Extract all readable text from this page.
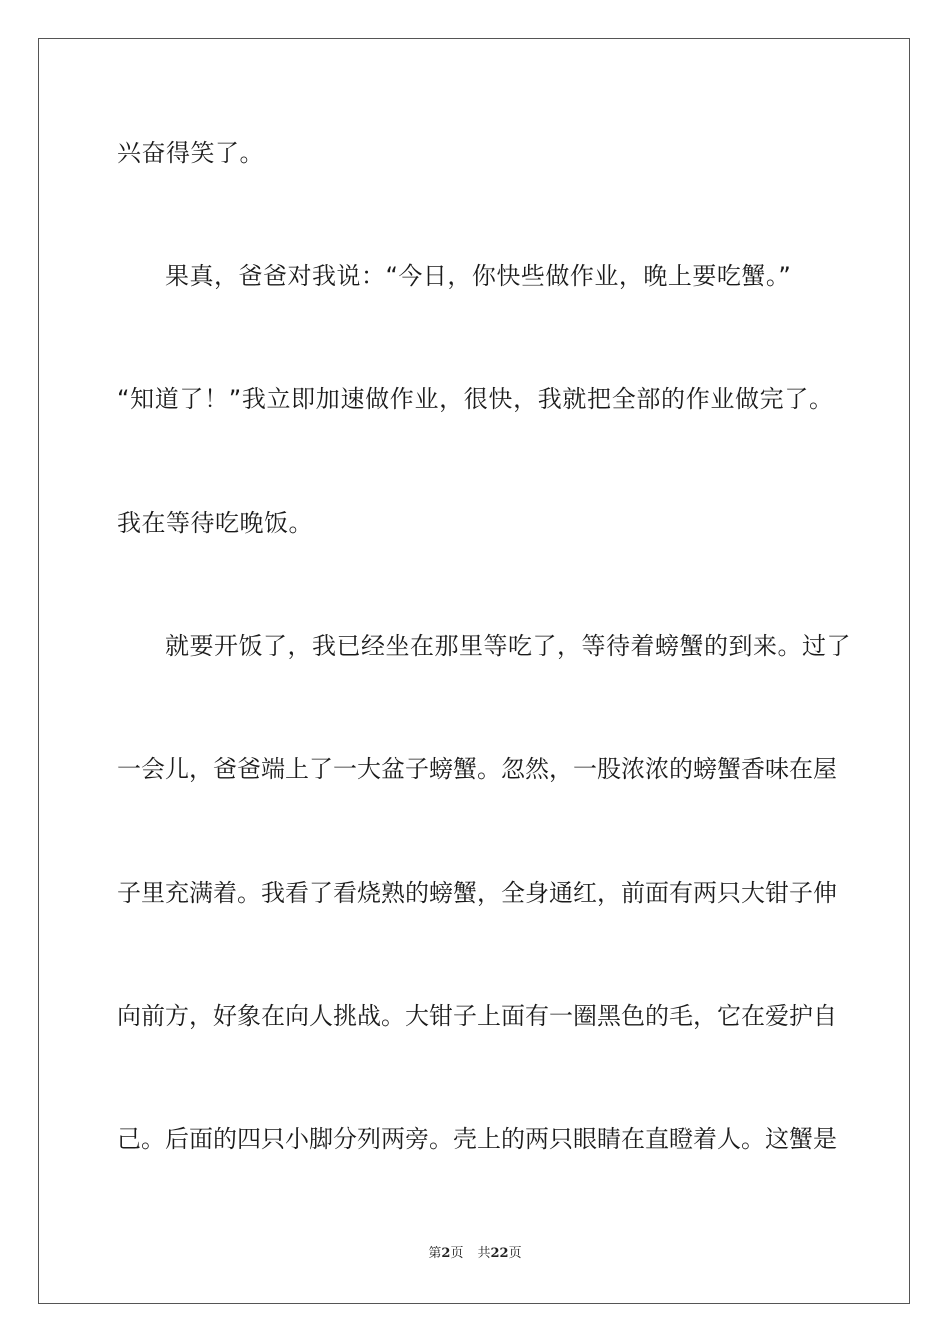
兴奋得笑了。
果真，爸爸对我说：“今日，你快些做作业，晚上要吃蟹。”
“知道了！”我立即加速做作业，很快，我就把全部的作业做完了。
我在等待吃晚饭。
就要开饭了，我已经坐在那里等吃了，等待着螃蟹的到来。过了
一会儿，爸爸端上了一大盆子螃蟹。忽然，一股浓浓的螃蟹香味在屋
子里充满着。我看了看烧熟的螃蟹，全身通红，前面有两只大钳子伸
向前方，好象在向人挑战。大钳子上面有一圈黑色的毛，它在爱护自
己。后面的四只小脚分列两旁。壳上的两只眼睛在直瞪着人。这蟹是
第2页 共22页
